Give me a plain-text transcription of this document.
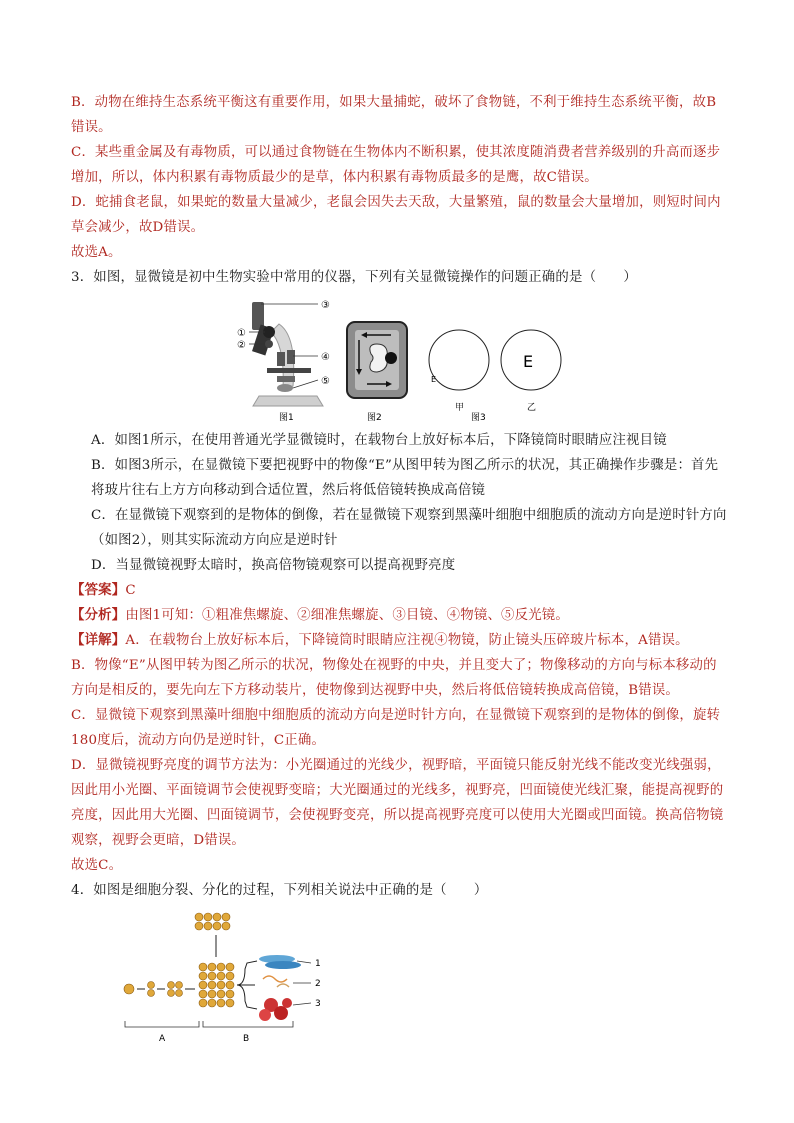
B．动物在维持生态系统平衡这有重要作用，如果大量捕蛇，破坏了食物链，不利于维持生态系统平衡，故B错误。

C．某些重金属及有毒物质，可以通过食物链在生物体内不断积累，使其浓度随消费者营养级别的升高而逐步增加，所以，体内积累有毒物质最少的是草，体内积累有毒物质最多的是鹰，故C错误。

D．蛇捕食老鼠，如果蛇的数量大量减少，老鼠会因失去天敌，大量繁殖，鼠的数量会大量增加，则短时间内草会减少，故D错误。

故选A。

3．如图，显微镜是初中生物实验中常用的仪器，下列有关显微镜操作的问题正确的是（　　）

③
①
②
④
⑤
图1	图2
E
甲
E
乙
图3

A．如图1所示，在使用普通光学显微镜时，在载物台上放好标本后，下降镜筒时眼睛应注视目镜

B．如图3所示，在显微镜下要把视野中的物像“E”从图甲转为图乙所示的状况，其正确操作步骤是：首先将玻片往右上方方向移动到合适位置，然后将低倍镜转换成高倍镜

C．在显微镜下观察到的是物体的倒像，若在显微镜下观察到黑藻叶细胞中细胞质的流动方向是逆时针方向（如图2），则其实际流动方向应是逆时针

D．当显微镜视野太暗时，换高倍物镜观察可以提高视野亮度

【答案】C

【分析】由图1可知：①粗准焦螺旋、②细准焦螺旋、③目镜、④物镜、⑤反光镜。

【详解】A．在载物台上放好标本后，下降镜筒时眼睛应注视④物镜，防止镜头压碎玻片标本，A错误。

B．物像“E”从图甲转为图乙所示的状况，物像处在视野的中央，并且变大了；物像移动的方向与标本移动的方向是相反的，要先向左下方移动装片，使物像到达视野中央，然后将低倍镜转换成高倍镜，B错误。

C．显微镜下观察到黑藻叶细胞中细胞质的流动方向是逆时针方向，在显微镜下观察到的是物体的倒像，旋转180度后，流动方向仍是逆时针，C正确。

D．显微镜视野亮度的调节方法为：小光圈通过的光线少，视野暗，平面镜只能反射光线不能改变光线强弱，因此用小光圈、平面镜调节会使视野变暗；大光圈通过的光线多，视野亮，凹面镜使光线汇聚，能提高视野的亮度，因此用大光圈、凹面镜调节，会使视野变亮，所以提高视野亮度可以使用大光圈或凹面镜。换高倍物镜观察，视野会更暗，D错误。

故选C。

4．如图是细胞分裂、分化的过程，下列相关说法中正确的是（　　）

1
2
3
A	B
